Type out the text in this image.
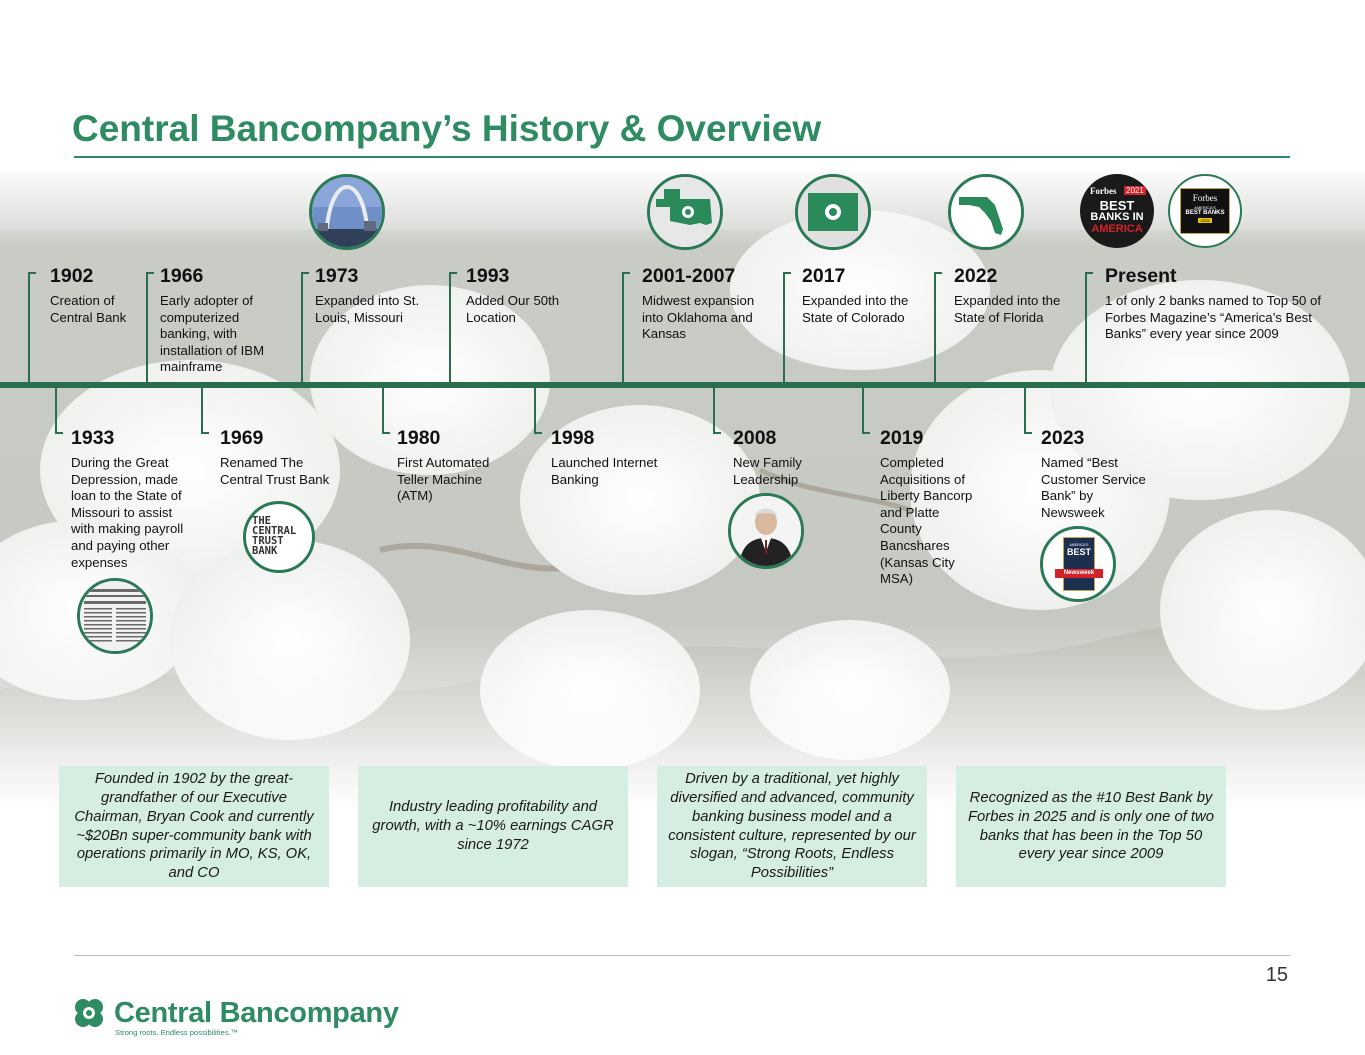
Central Bancompany’s History & Overview
1902
Creation of Central Bank
1966
Early adopter of computerized banking, with installation of IBM mainframe
1973
Expanded into St. Louis, Missouri
1993
Added Our 50th Location
2001-2007
Midwest expansion into Oklahoma and Kansas
2017
Expanded into the State of Colorado
2022
Expanded into the State of Florida
Present
1 of only 2 banks named to Top 50 of Forbes Magazine’s “America’s Best Banks” every year since 2009
1933
During the Great Depression, made loan to the State of Missouri to assist with making payroll and paying other expenses
1969
Renamed The Central Trust Bank
1980
First Automated Teller Machine (ATM)
1998
Launched Internet Banking
2008
New Family Leadership
2019
Completed Acquisitions of Liberty Bancorp and Platte County Bancshares (Kansas City MSA)
2023
Named “Best Customer Service Bank” by Newsweek
Forbes 2021
BEST
BANKS IN
AMERICA
Forbes
AMERICA'S
BEST BANKS
2025
THE
CENTRAL
TRUST
BANK	AMERICA'S
BEST
Newsweek
Founded in 1902 by the great-grandfather of our Executive Chairman, Bryan Cook and currently ~$20Bn super-community bank with operations primarily in MO, KS, OK, and CO
Industry leading profitability and growth, with a ~10% earnings CAGR since 1972
Driven by a traditional, yet highly diversified and advanced, community banking business model and a consistent culture, represented by our slogan, “Strong Roots, Endless Possibilities”
Recognized as the #10 Best Bank by Forbes in 2025 and is only one of two banks that has been in the Top 50 every year since 2009
15
Central Bancompany
Strong roots. Endless possibilities.™
